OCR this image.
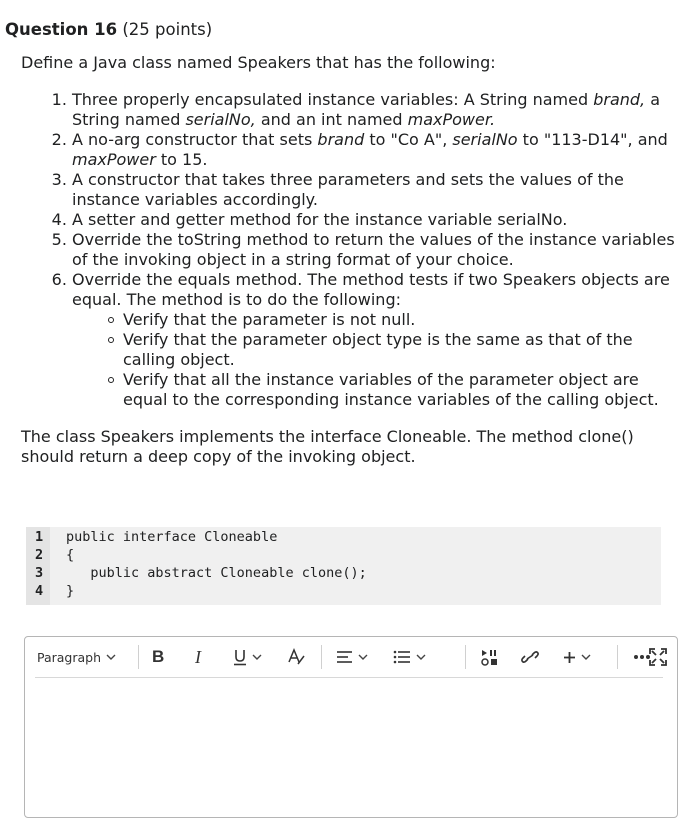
Question 16 (25 points)
Define a Java class named Speakers that has the following:
1. Three properly encapsulated instance variables: A String named brand, a String named serialNo, and an int named maxPower.
2. A no-arg constructor that sets brand to "Co A", serialNo to "113-D14", and maxPower to 15.
3. A constructor that takes three parameters and sets the values of the instance variables accordingly.
4. A setter and getter method for the instance variable serialNo.
5. Override the toString method to return the values of the instance variables of the invoking object in a string format of your choice.
6. Override the equals method. The method tests if two Speakers objects are equal. The method is to do the following:
Verify that the parameter is not null.
Verify that the parameter object type is the same as that of the calling object.
Verify that all the instance variables of the parameter object are equal to the corresponding instance variables of the calling object.
The class Speakers implements the interface Cloneable. The method clone() should return a deep copy of the invoking object.
1
2
3
4
public interface Cloneable
{
public abstract Cloneable clone();
}
Paragraph	B I
